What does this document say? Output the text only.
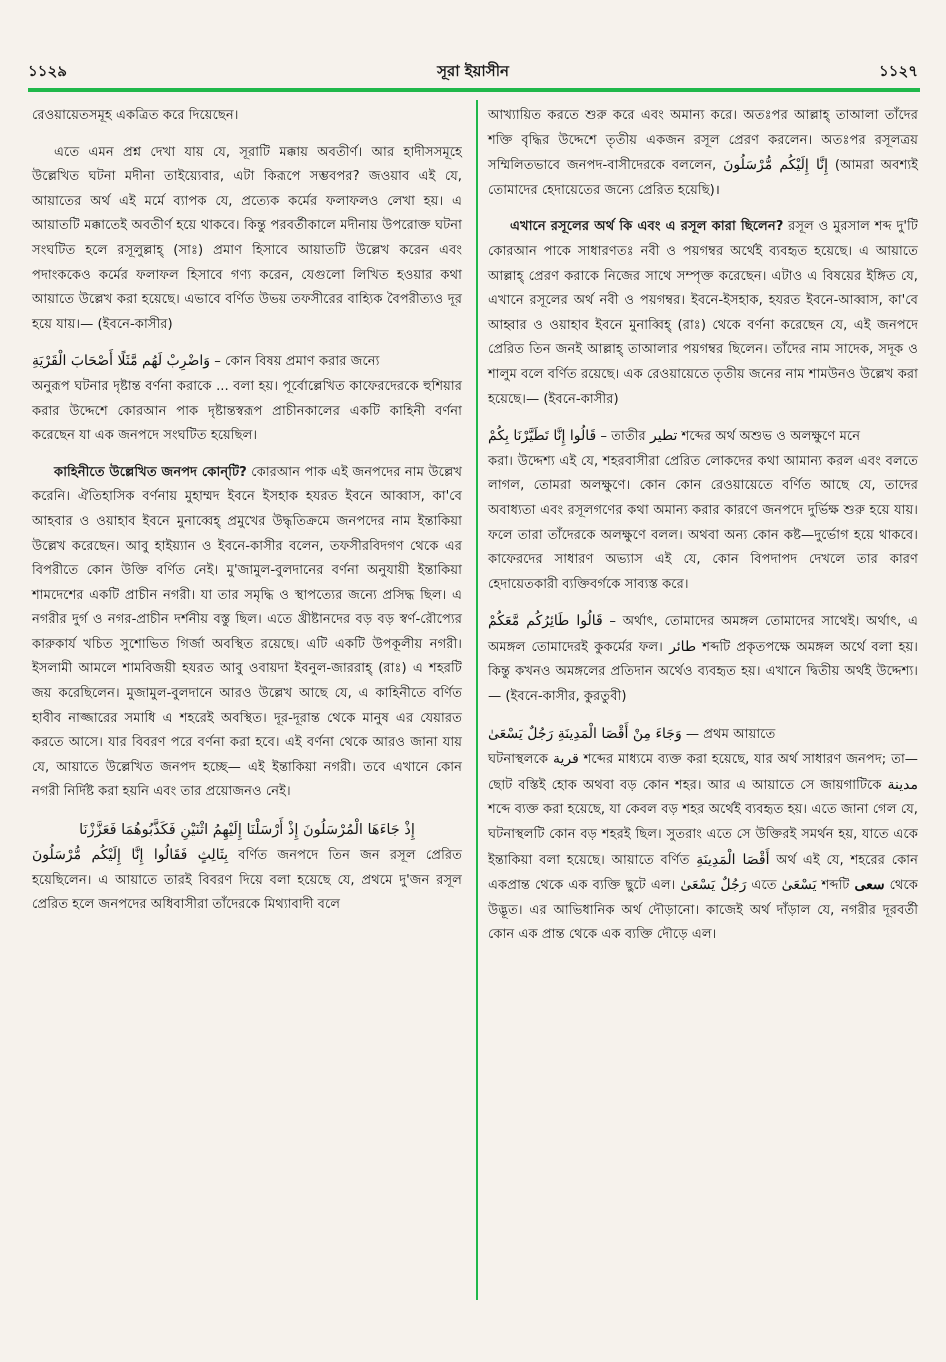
১১২৯	সূরা ইয়াসীন	১১২৭

রেওয়ায়েতসমূহ একত্রিত করে দিয়েছেন।

এতে এমন প্রশ্ন দেখা যায় যে, সূরাটি মক্কায় অবতীর্ণ। আর হাদীসসমূহে উল্লেখিত ঘটনা মদীনা তাইয়্যেবার, এটা কিরূপে সম্ভবপর? জওয়াব এই যে, আয়াতের অর্থ এই মর্মে ব্যাপক যে, প্রত্যেক কর্মের ফলাফলও লেখা হয়। এ আয়াতটি মক্কাতেই অবতীর্ণ হয়ে থাকবে। কিন্তু পরবর্তীকালে মদীনায় উপরোক্ত ঘটনা সংঘটিত হলে রসূলুল্লাহ্ (সাঃ) প্রমাণ হিসাবে আয়াতটি উল্লেখ করেন এবং পদাংককেও কর্মের ফলাফল হিসাবে গণ্য করেন, যেগুলো লিখিত হওয়ার কথা আয়াতে উল্লেখ করা হয়েছে। এভাবে বর্ণিত উভয় তফসীরের বাহ্যিক বৈপরীত্যও দূর হয়ে যায়।— (ইবনে-কাসীর)

وَاضْرِبْ لَهُم مَّثَلًا أَصْحَابَ الْقَرْيَةِ – কোন বিষয় প্রমাণ করার জন্যে

অনুরূপ ঘটনার দৃষ্টান্ত বর্ণনা করাকে ... বলা হয়। পূর্বোল্লেখিত কাফেরদেরকে হুশিয়ার করার উদ্দেশে কোরআন পাক দৃষ্টান্তস্বরূপ প্রাচীনকালের একটি কাহিনী বর্ণনা করেছেন যা এক জনপদে সংঘটিত হয়েছিল।

কাহিনীতে উল্লেখিত জনপদ কোন্‌টি? কোরআন পাক এই জনপদের নাম উল্লেখ করেনি। ঐতিহাসিক বর্ণনায় মুহাম্মদ ইবনে ইসহাক হযরত ইবনে আব্বাস, কা'বে আহবার ও ওয়াহাব ইবনে মুনাব্বেহ্ প্রমুখের উদ্ধৃতিক্রমে জনপদের নাম ইন্তাকিয়া উল্লেখ করেছেন। আবু হাইয়্যান ও ইবনে-কাসীর বলেন, তফসীরবিদগণ থেকে এর বিপরীতে কোন উক্তি বর্ণিত নেই। মু'জামুল-বুলদানের বর্ণনা অনুযায়ী ইন্তাকিয়া শামদেশের একটি প্রাচীন নগরী। যা তার সমৃদ্ধি ও স্থাপত্যের জন্যে প্রসিদ্ধ ছিল। এ নগরীর দুর্গ ও নগর-প্রাচীন দর্শনীয় বস্তু ছিল। এতে খ্রীষ্টানদের বড় বড় স্বর্ণ-রৌপ্যের কারুকার্য খচিত সুশোভিত গির্জা অবস্থিত রয়েছে। এটি একটি উপকূলীয় নগরী। ইসলামী আমলে শামবিজয়ী হযরত আবু ওবায়দা ইবনুল-জাররাহ্ (রাঃ) এ শহরটি জয় করেছিলেন। মুজামুল-বুলদানে আরও উল্লেখ আছে যে, এ কাহিনীতে বর্ণিত হাবীব নাজ্জারের সমাধি এ শহরেই অবস্থিত। দূর-দূরান্ত থেকে মানুষ এর যেয়ারত করতে আসে। যার বিবরণ পরে বর্ণনা করা হবে। এই বর্ণনা থেকে আরও জানা যায় যে, আয়াতে উল্লেখিত জনপদ হচ্ছে— এই ইন্তাকিয়া নগরী। তবে এখানে কোন নগরী নির্দিষ্ট করা হয়নি এবং তার প্রয়োজনও নেই।

إِذْ جَاءَهَا الْمُرْسَلُونَ إِذْ أَرْسَلْنَا إِلَيْهِمُ اثْنَيْنِ فَكَذَّبُوهُمَا فَعَزَّزْنَا

بِثَالِثٍ فَقَالُوا إِنَّا إِلَيْكُم مُّرْسَلُونَ বর্ণিত জনপদে তিন জন রসূল প্রেরিত হয়েছিলেন। এ আয়াতে তারই বিবরণ দিয়ে বলা হয়েছে যে, প্রথমে দু'জন রসূল প্রেরিত হলে জনপদের অধিবাসীরা তাঁদেরকে মিথ্যাবাদী বলে

আখ্যায়িত করতে শুরু করে এবং অমান্য করে। অতঃপর আল্লাহ্ তাআলা তাঁদের শক্তি বৃদ্ধির উদ্দেশে তৃতীয় একজন রসূল প্রেরণ করলেন। অতঃপর রসূলত্রয় সম্মিলিতভাবে জনপদ-বাসীদেরকে বললেন, إِنَّا إِلَيْكُم مُّرْسَلُونَ (আমরা অবশ্যই তোমাদের হেদায়েতের জন্যে প্রেরিত হয়েছি)।

এখানে রসূলের অর্থ কি এবং এ রসূল কারা ছিলেন? রসূল ও মুরসাল শব্দ দু'টি কোরআন পাকে সাধারণতঃ নবী ও পয়গম্বর অর্থেই ব্যবহৃত হয়েছে। এ আয়াতে আল্লাহ্ প্রেরণ করাকে নিজের সাথে সম্পৃক্ত করেছেন। এটাও এ বিষয়ের ইঙ্গিত যে, এখানে রসূলের অর্থ নবী ও পয়গম্বর। ইবনে-ইসহাক, হযরত ইবনে-আব্বাস, কা'বে আহ্বার ও ওয়াহাব ইবনে মুনাব্বিহ্ (রাঃ) থেকে বর্ণনা করেছেন যে, এই জনপদে প্রেরিত তিন জনই আল্লাহ্ তাআলার পয়গম্বর ছিলেন। তাঁদের নাম সাদেক, সদূক ও শালুম বলে বর্ণিত রয়েছে। এক রেওয়ায়েতে তৃতীয় জনের নাম শামউনও উল্লেখ করা হয়েছে।— (ইবনে-কাসীর)

قَالُوا إِنَّا تَطَيَّرْنَا بِكُمْ – তাতীর تطير শব্দের অর্থ অশুভ ও অলক্ষুণে মনে

করা। উদ্দেশ্য এই যে, শহরবাসীরা প্রেরিত লোকদের কথা আমান্য করল এবং বলতে লাগল, তোমরা অলক্ষুণে। কোন কোন রেওয়ায়েতে বর্ণিত আছে যে, তাদের অবাধ্যতা এবং রসূলগণের কথা অমান্য করার কারণে জনপদে দুর্ভিক্ষ শুরু হয়ে যায়। ফলে তারা তাঁদেরকে অলক্ষুণে বলল। অথবা অন্য কোন কষ্ট—দুর্ভোগ হয়ে থাকবে। কাফেরদের সাধারণ অভ্যাস এই যে, কোন বিপদাপদ দেখলে তার কারণ হেদায়েতকারী ব্যক্তিবর্গকে সাব্যস্ত করে।

قَالُوا طَائِرُكُم مَّعَكُمْ – অর্থাৎ, তোমাদের অমঙ্গল তোমাদের সাথেই। অর্থাৎ, এ অমঙ্গল তোমাদেরই কুকর্মের ফল। طائر শব্দটি প্রকৃতপক্ষে অমঙ্গল অর্থে বলা হয়। কিন্তু কখনও অমঙ্গলের প্রতিদান অর্থেও ব্যবহৃত হয়। এখানে দ্বিতীয় অর্থই উদ্দেশ্য।— (ইবনে-কাসীর, কুরতুবী)

وَجَاءَ مِنْ أَقْصَا الْمَدِينَةِ رَجُلٌ يَسْعَىٰ — প্রথম আয়াতে
ঘটনাস্থলকে قرية শব্দের মাধ্যমে ব্যক্ত করা হয়েছে, যার অর্থ সাধারণ জনপদ; তা— ছোট বস্তিই হোক অথবা বড় কোন শহর। আর এ আয়াতে সে জায়গাটিকে مدينة শব্দে ব্যক্ত করা হয়েছে, যা কেবল বড় শহর অর্থেই ব্যবহৃত হয়। এতে জানা গেল যে, ঘটনাস্থলটি কোন বড় শহরই ছিল। সুতরাং এতে সে উক্তিরই সমর্থন হয়, যাতে একে ইন্তাকিয়া বলা হয়েছে। আয়াতে বর্ণিত أَقْصَا الْمَدِينَةِ অর্থ এই যে, শহরের কোন একপ্রান্ত থেকে এক ব্যক্তি ছুটে এল। رَجُلٌ يَسْعَىٰ এতে يَسْعَىٰ শব্দটি سعى থেকে উদ্ভূত। এর আভিধানিক অর্থ দৌড়ানো। কাজেই অর্থ দাঁড়াল যে, নগরীর দূরবর্তী কোন এক প্রান্ত থেকে এক ব্যক্তি দৌড়ে এল।
